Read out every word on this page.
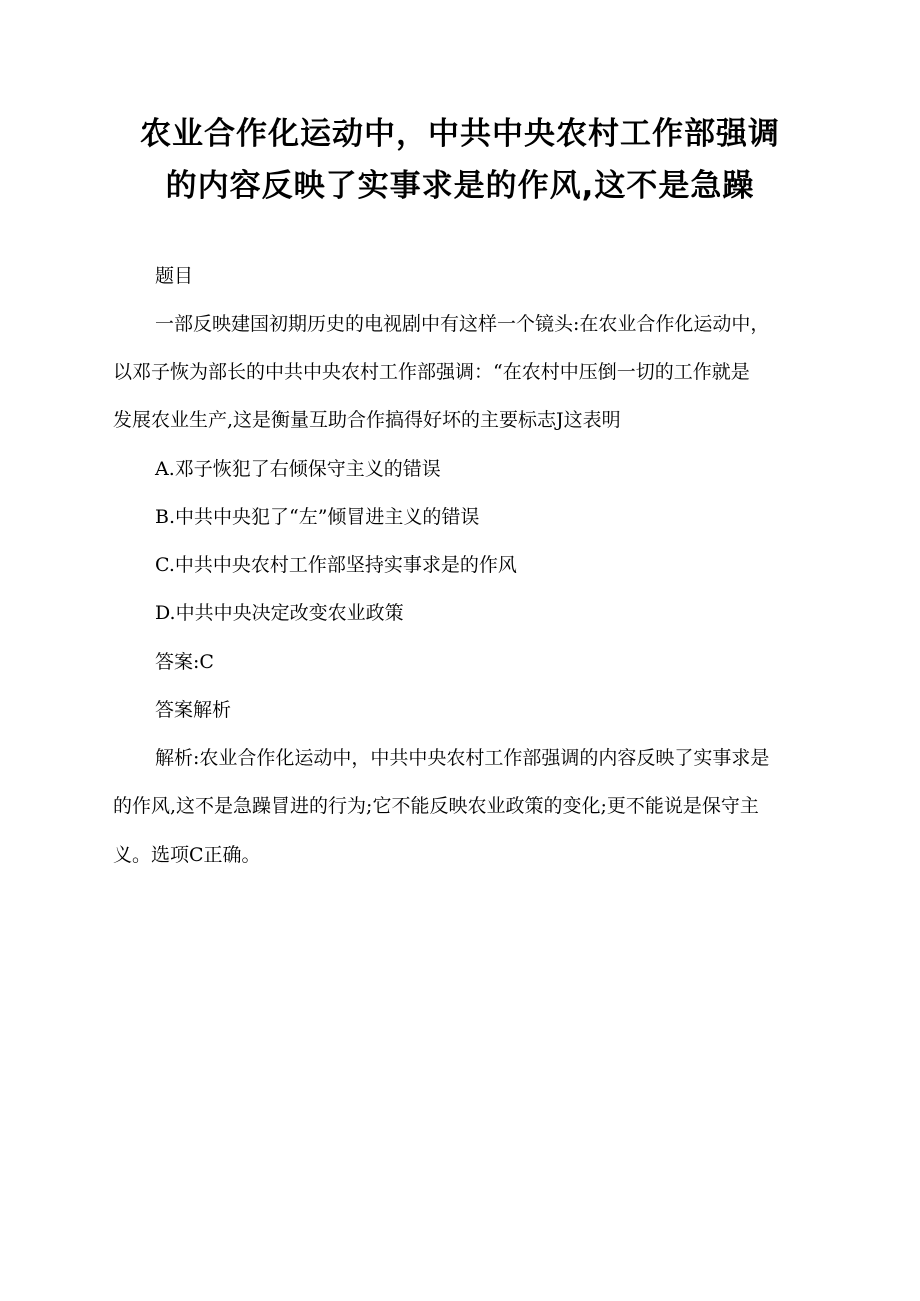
农业合作化运动中，中共中央农村工作部强调
的内容反映了实事求是的作风,这不是急躁
题目
一部反映建国初期历史的电视剧中有这样一个镜头:在农业合作化运动中，
以邓子恢为部长的中共中央农村工作部强调：“在农村中压倒一切的工作就是
发展农业生产,这是衡量互助合作搞得好坏的主要标志J这表明
A.邓子恢犯了右倾保守主义的错误
B.中共中央犯了“左”倾冒进主义的错误
C.中共中央农村工作部坚持实事求是的作风
D.中共中央决定改变农业政策
答案:C
答案解析
解析:农业合作化运动中，中共中央农村工作部强调的内容反映了实事求是
的作风,这不是急躁冒进的行为;它不能反映农业政策的变化;更不能说是保守主
义。选项C正确。
